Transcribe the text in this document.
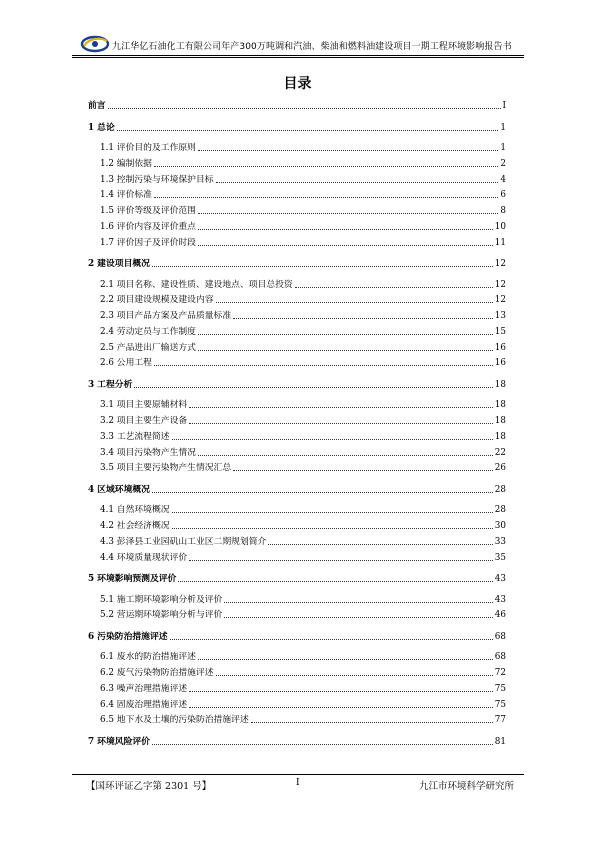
九江华亿石油化工有限公司年产300万吨调和汽油、柴油和燃料油建设项目一期工程环境影响报告书
目录
前言	I
1 总论	1
1.1 评价目的及工作原则	1
1.2 编制依据	2
1.3 控制污染与环境保护目标	4
1.4 评价标准	6
1.5 评价等级及评价范围	8
1.6 评价内容及评价重点	10
1.7 评价因子及评价时段	11
2 建设项目概况	12
2.1 项目名称、建设性质、建设地点、项目总投资	12
2.2 项目建设规模及建设内容	12
2.3 项目产品方案及产品质量标准	13
2.4 劳动定员与工作制度	15
2.5 产品进出厂输送方式	16
2.6 公用工程	16
3 工程分析	18
3.1 项目主要原辅材料	18
3.2 项目主要生产设备	18
3.3 工艺流程简述	18
3.4 项目污染物产生情况	22
3.5 项目主要污染物产生情况汇总	26
4 区域环境概况	28
4.1 自然环境概况	28
4.2 社会经济概况	30
4.3 彭泽县工业园矶山工业区二期规划简介	33
4.4 环境质量现状评价	35
5 环境影响预测及评价	43
5.1 施工期环境影响分析及评价	43
5.2 营运期环境影响分析与评价	46
6 污染防治措施评述	68
6.1 废水的防治措施评述	68
6.2 废气污染物防治措施评述	72
6.3 噪声治理措施评述	75
6.4 固废治理措施评述	75
6.5 地下水及土壤的污染防治措施评述	77
7 环境风险评价	81
【国环评证乙字第 2301 号】	I	九江市环境科学研究所
